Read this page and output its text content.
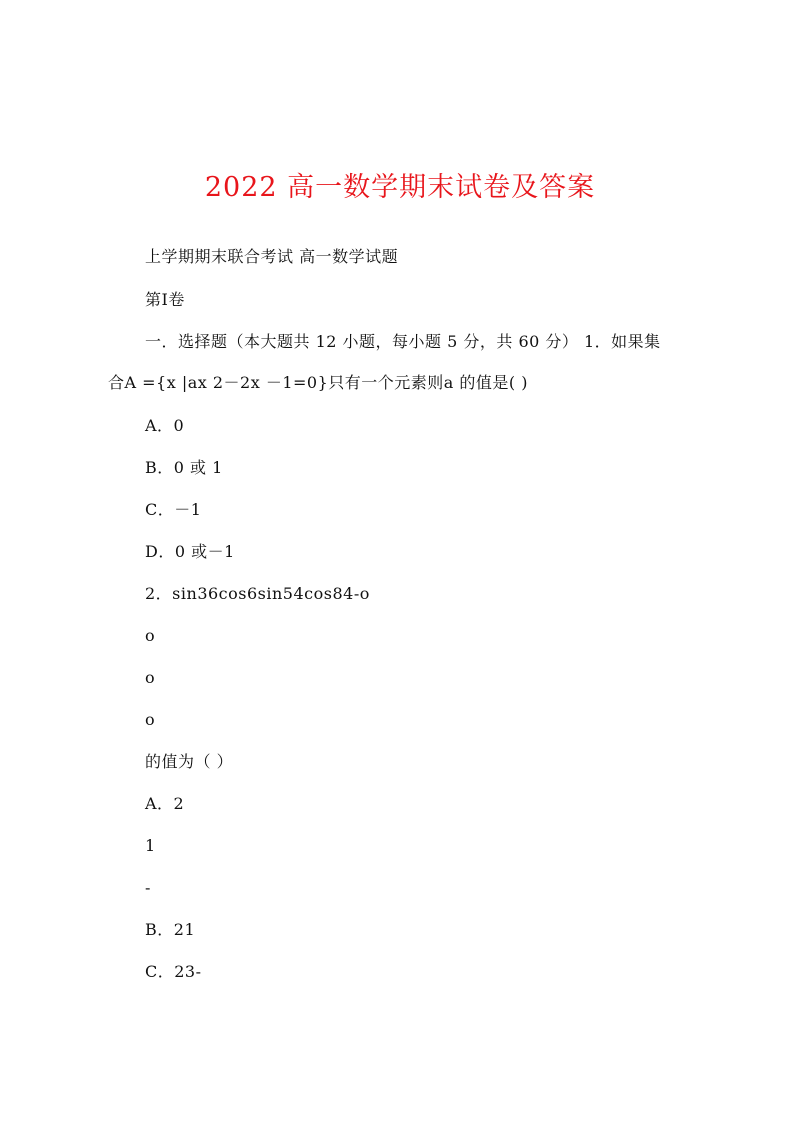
2022 高一数学期末试卷及答案
上学期期末联合考试 高一数学试题
第Ⅰ卷
一．选择题（本大题共 12 小题，每小题 5 分，共 60 分） 1．如果集
合A ={x |ax 2－2x －1=0}只有一个元素则a 的值是( )
A．0
B．0 或 1
C．－1
D．0 或－1
2．sin36cos6sin54cos84-o
o
o
o
的值为（ ）
A．2
1
-
B．21
C．23-
